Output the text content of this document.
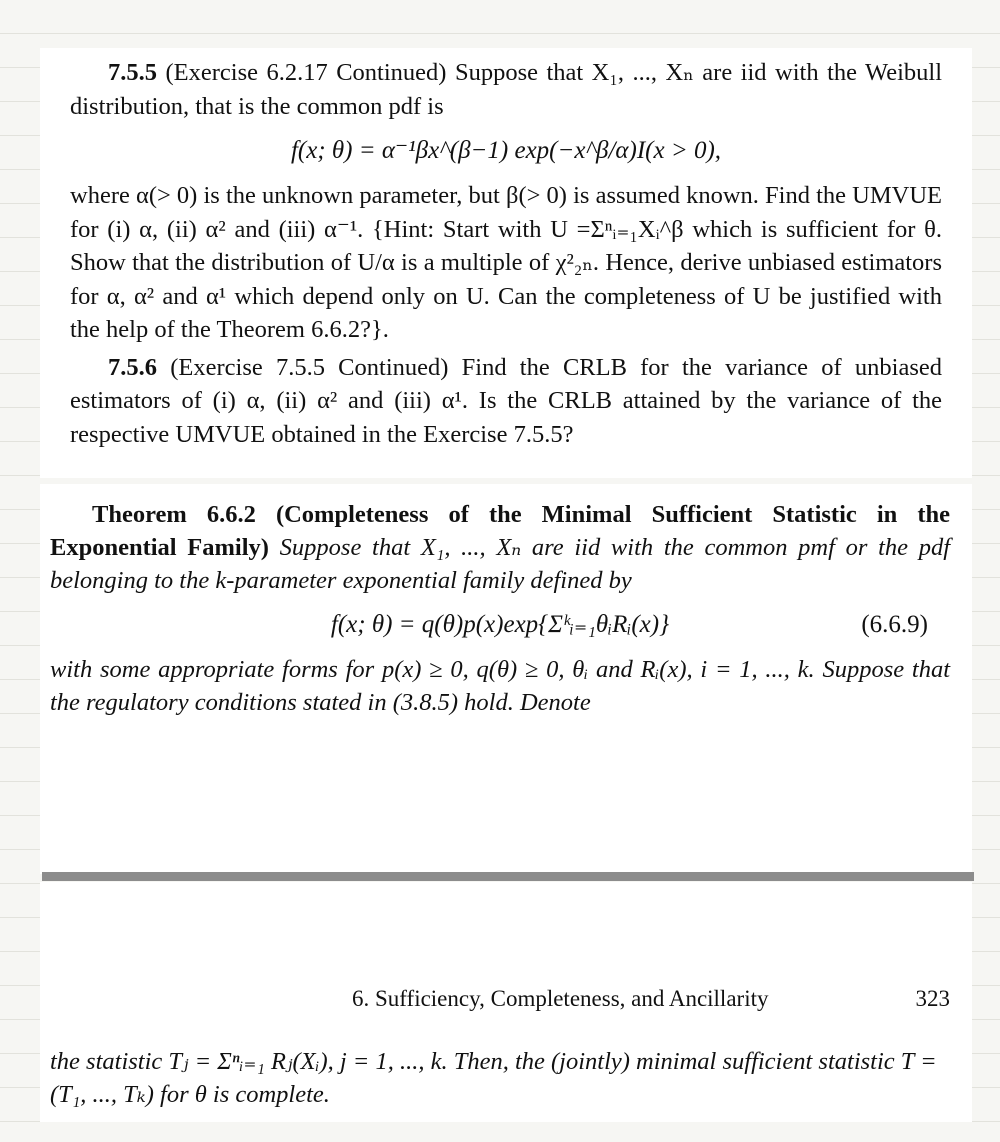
7.5.5 (Exercise 6.2.17 Continued) Suppose that X₁, ..., Xₙ are iid with the Weibull distribution, that is the common pdf is

f(x; θ) = α⁻¹βx^(β−1) exp(−x^β/α)I(x > 0),

where α(> 0) is the unknown parameter, but β(> 0) is assumed known. Find the UMVUE for (i) α, (ii) α² and (iii) α⁻¹. {Hint: Start with U =Σⁿᵢ₌₁Xᵢ^β which is sufficient for θ. Show that the distribution of U/α is a multiple of χ²₂ₙ. Hence, derive unbiased estimators for α, α² and α¹ which depend only on U. Can the completeness of U be justified with the help of the Theorem 6.6.2?}.

7.5.6 (Exercise 7.5.5 Continued) Find the CRLB for the variance of unbiased estimators of (i) α, (ii) α² and (iii) α¹. Is the CRLB attained by the variance of the respective UMVUE obtained in the Exercise 7.5.5?

Theorem 6.6.2 (Completeness of the Minimal Sufficient Statistic in the Exponential Family) Suppose that X₁, ..., Xₙ are iid with the common pmf or the pdf belonging to the k-parameter exponential family defined by

f(x; θ) = q(θ)p(x)exp{Σᵏᵢ₌₁θᵢRᵢ(x)}	(6.6.9)

with some appropriate forms for p(x) ≥ 0, q(θ) ≥ 0, θᵢ and Rᵢ(x), i = 1, ..., k. Suppose that the regulatory conditions stated in (3.8.5) hold. Denote

6. Sufficiency, Completeness, and Ancillarity	323

the statistic Tⱼ = Σⁿᵢ₌₁ Rⱼ(Xᵢ), j = 1, ..., k. Then, the (jointly) minimal sufficient statistic T = (T₁, ..., Tₖ) for θ is complete.
